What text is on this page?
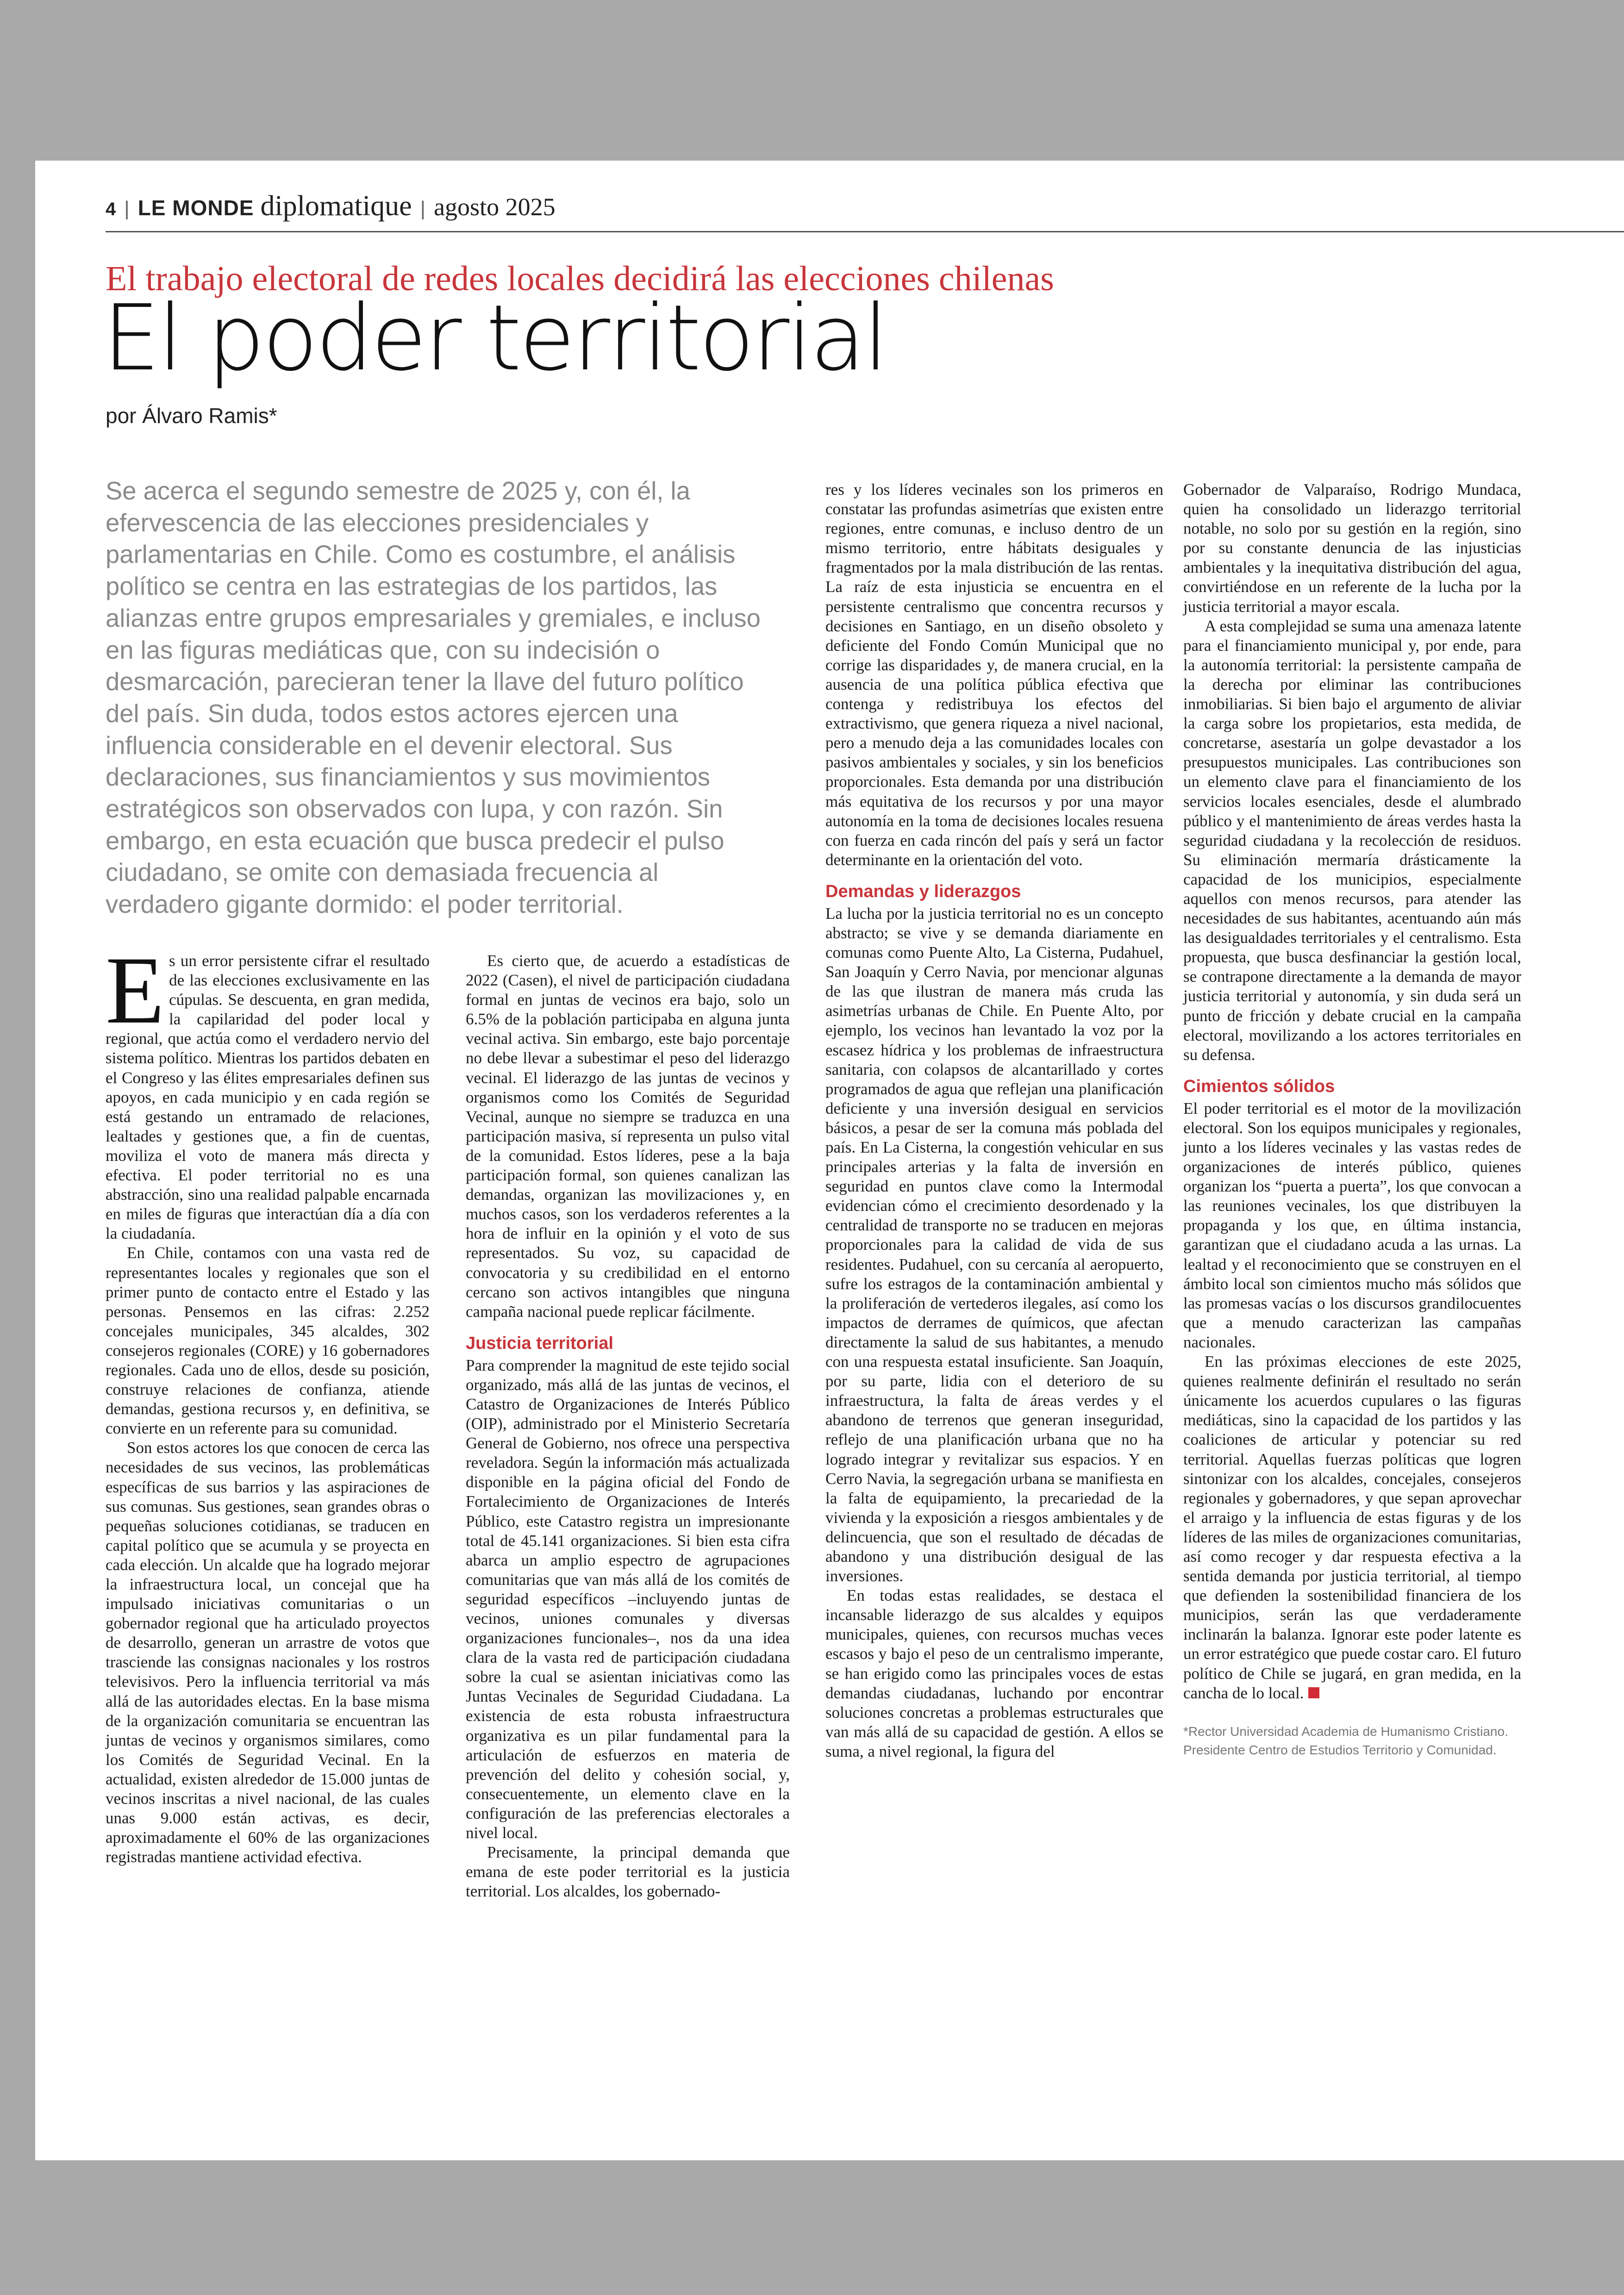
4 | LE MONDE diplomatique | agosto 2025
El trabajo electoral de redes locales decidirá las elecciones chilenas
El poder territorial
por Álvaro Ramis*

Se acerca el segundo semestre de 2025 y, con él, la efervescencia de las elecciones presidenciales y parlamentarias en Chile. Como es costumbre, el análisis político se centra en las estrategias de los partidos, las alianzas entre grupos empresariales y gremiales, e incluso en las figuras mediáticas que, con su indecisión o desmarcación, parecieran tener la llave del futuro político del país. Sin duda, todos estos actores ejercen una influencia considerable en el devenir electoral. Sus declaraciones, sus financiamientos y sus movimientos estratégicos son observados con lupa, y con razón. Sin embargo, en esta ecuación que busca predecir el pulso ciudadano, se omite con demasiada frecuencia al verdadero gigante dormido: el poder territorial.

Es un error persistente cifrar el resultado de las elecciones exclusivamente en las cúpulas. Se descuenta, en gran medida, la capilaridad del poder local y regional, que actúa como el verdadero nervio del sistema político. Mientras los partidos debaten en el Congreso y las élites empresariales definen sus apoyos, en cada municipio y en cada región se está gestando un entramado de relaciones, lealtades y gestiones que, a fin de cuentas, moviliza el voto de manera más directa y efectiva. El poder territorial no es una abstracción, sino una realidad palpable encarnada en miles de figuras que interactúan día a día con la ciudadanía.

En Chile, contamos con una vasta red de representantes locales y regionales que son el primer punto de contacto entre el Estado y las personas. Pensemos en las cifras: 2.252 concejales municipales, 345 alcaldes, 302 consejeros regionales (CORE) y 16 gobernadores regionales. Cada uno de ellos, desde su posición, construye relaciones de confianza, atiende demandas, gestiona recursos y, en definitiva, se convierte en un referente para su comunidad.

Son estos actores los que conocen de cerca las necesidades de sus vecinos, las problemáticas específicas de sus barrios y las aspiraciones de sus comunas. Sus gestiones, sean grandes obras o pequeñas soluciones cotidianas, se traducen en capital político que se acumula y se proyecta en cada elección. Un alcalde que ha logrado mejorar la infraestructura local, un concejal que ha impulsado iniciativas comunitarias o un gobernador regional que ha articulado proyectos de desarrollo, generan un arrastre de votos que trasciende las consignas nacionales y los rostros televisivos. Pero la influencia territorial va más allá de las autoridades electas. En la base misma de la organización comunitaria se encuentran las juntas de vecinos y organismos similares, como los Comités de Seguridad Vecinal. En la actualidad, existen alrededor de 15.000 juntas de vecinos inscritas a nivel nacional, de las cuales unas 9.000 están activas, es decir, aproximadamente el 60% de las organizaciones registradas mantiene actividad efectiva.

Es cierto que, de acuerdo a estadísticas de 2022 (Casen), el nivel de participación ciudadana formal en juntas de vecinos era bajo, solo un 6.5% de la población participaba en alguna junta vecinal activa. Sin embargo, este bajo porcentaje no debe llevar a subestimar el peso del liderazgo vecinal. El liderazgo de las juntas de vecinos y organismos como los Comités de Seguridad Vecinal, aunque no siempre se traduzca en una participación masiva, sí representa un pulso vital de la comunidad. Estos líderes, pese a la baja participación formal, son quienes canalizan las demandas, organizan las movilizaciones y, en muchos casos, son los verdaderos referentes a la hora de influir en la opinión y el voto de sus representados. Su voz, su capacidad de convocatoria y su credibilidad en el entorno cercano son activos intangibles que ninguna campaña nacional puede replicar fácilmente.

Justicia territorial

Para comprender la magnitud de este tejido social organizado, más allá de las juntas de vecinos, el Catastro de Organizaciones de Interés Público (OIP), administrado por el Ministerio Secretaría General de Gobierno, nos ofrece una perspectiva reveladora. Según la información más actualizada disponible en la página oficial del Fondo de Fortalecimiento de Organizaciones de Interés Público, este Catastro registra un impresionante total de 45.141 organizaciones. Si bien esta cifra abarca un amplio espectro de agrupaciones comunitarias que van más allá de los comités de seguridad específicos –incluyendo juntas de vecinos, uniones comunales y diversas organizaciones funcionales–, nos da una idea clara de la vasta red de participación ciudadana sobre la cual se asientan iniciativas como las Juntas Vecinales de Seguridad Ciudadana. La existencia de esta robusta infraestructura organizativa es un pilar fundamental para la articulación de esfuerzos en materia de prevención del delito y cohesión social, y, consecuentemente, un elemento clave en la configuración de las preferencias electorales a nivel local.

Precisamente, la principal demanda que emana de este poder territorial es la justicia territorial. Los alcaldes, los gobernado-

res y los líderes vecinales son los primeros en constatar las profundas asimetrías que existen entre regiones, entre comunas, e incluso dentro de un mismo territorio, entre hábitats desiguales y fragmentados por la mala distribución de las rentas. La raíz de esta injusticia se encuentra en el persistente centralismo que concentra recursos y decisiones en Santiago, en un diseño obsoleto y deficiente del Fondo Común Municipal que no corrige las disparidades y, de manera crucial, en la ausencia de una política pública efectiva que contenga y redistribuya los efectos del extractivismo, que genera riqueza a nivel nacional, pero a menudo deja a las comunidades locales con pasivos ambientales y sociales, y sin los beneficios proporcionales. Esta demanda por una distribución más equitativa de los recursos y por una mayor autonomía en la toma de decisiones locales resuena con fuerza en cada rincón del país y será un factor determinante en la orientación del voto.

Demandas y liderazgos

La lucha por la justicia territorial no es un concepto abstracto; se vive y se demanda diariamente en comunas como Puente Alto, La Cisterna, Pudahuel, San Joaquín y Cerro Navia, por mencionar algunas de las que ilustran de manera más cruda las asimetrías urbanas de Chile. En Puente Alto, por ejemplo, los vecinos han levantado la voz por la escasez hídrica y los problemas de infraestructura sanitaria, con colapsos de alcantarillado y cortes programados de agua que reflejan una planificación deficiente y una inversión desigual en servicios básicos, a pesar de ser la comuna más poblada del país. En La Cisterna, la congestión vehicular en sus principales arterias y la falta de inversión en seguridad en puntos clave como la Intermodal evidencian cómo el crecimiento desordenado y la centralidad de transporte no se traducen en mejoras proporcionales para la calidad de vida de sus residentes. Pudahuel, con su cercanía al aeropuerto, sufre los estragos de la contaminación ambiental y la proliferación de vertederos ilegales, así como los impactos de derrames de químicos, que afectan directamente la salud de sus habitantes, a menudo con una respuesta estatal insuficiente. San Joaquín, por su parte, lidia con el deterioro de su infraestructura, la falta de áreas verdes y el abandono de terrenos que generan inseguridad, reflejo de una planificación urbana que no ha logrado integrar y revitalizar sus espacios. Y en Cerro Navia, la segregación urbana se manifiesta en la falta de equipamiento, la precariedad de la vivienda y la exposición a riesgos ambientales y de delincuencia, que son el resultado de décadas de abandono y una distribución desigual de las inversiones.

En todas estas realidades, se destaca el incansable liderazgo de sus alcaldes y equipos municipales, quienes, con recursos muchas veces escasos y bajo el peso de un centralismo imperante, se han erigido como las principales voces de estas demandas ciudadanas, luchando por encontrar soluciones concretas a problemas estructurales que van más allá de su capacidad de gestión. A ellos se suma, a nivel regional, la figura del

Gobernador de Valparaíso, Rodrigo Mundaca, quien ha consolidado un liderazgo territorial notable, no solo por su gestión en la región, sino por su constante denuncia de las injusticias ambientales y la inequitativa distribución del agua, convirtiéndose en un referente de la lucha por la justicia territorial a mayor escala.

A esta complejidad se suma una amenaza latente para el financiamiento municipal y, por ende, para la autonomía territorial: la persistente campaña de la derecha por eliminar las contribuciones inmobiliarias. Si bien bajo el argumento de aliviar la carga sobre los propietarios, esta medida, de concretarse, asestaría un golpe devastador a los presupuestos municipales. Las contribuciones son un elemento clave para el financiamiento de los servicios locales esenciales, desde el alumbrado público y el mantenimiento de áreas verdes hasta la seguridad ciudadana y la recolección de residuos. Su eliminación mermaría drásticamente la capacidad de los municipios, especialmente aquellos con menos recursos, para atender las necesidades de sus habitantes, acentuando aún más las desigualdades territoriales y el centralismo. Esta propuesta, que busca desfinanciar la gestión local, se contrapone directamente a la demanda de mayor justicia territorial y autonomía, y sin duda será un punto de fricción y debate crucial en la campaña electoral, movilizando a los actores territoriales en su defensa.

Cimientos sólidos

El poder territorial es el motor de la movilización electoral. Son los equipos municipales y regionales, junto a los líderes vecinales y las vastas redes de organizaciones de interés público, quienes organizan los “puerta a puerta”, los que convocan a las reuniones vecinales, los que distribuyen la propaganda y los que, en última instancia, garantizan que el ciudadano acuda a las urnas. La lealtad y el reconocimiento que se construyen en el ámbito local son cimientos mucho más sólidos que las promesas vacías o los discursos grandilocuentes que a menudo caracterizan las campañas nacionales.

En las próximas elecciones de este 2025, quienes realmente definirán el resultado no serán únicamente los acuerdos cupulares o las figuras mediáticas, sino la capacidad de los partidos y las coaliciones de articular y potenciar su red territorial. Aquellas fuerzas políticas que logren sintonizar con los alcaldes, concejales, consejeros regionales y gobernadores, y que sepan aprovechar el arraigo y la influencia de estas figuras y de los líderes de las miles de organizaciones comunitarias, así como recoger y dar respuesta efectiva a la sentida demanda por justicia territorial, al tiempo que defienden la sostenibilidad financiera de los municipios, serán las que verdaderamente inclinarán la balanza. Ignorar este poder latente es un error estratégico que puede costar caro. El futuro político de Chile se jugará, en gran medida, en la cancha de lo local.

*Rector Universidad Academia de Humanismo Cristiano. Presidente Centro de Estudios Territorio y Comunidad.
